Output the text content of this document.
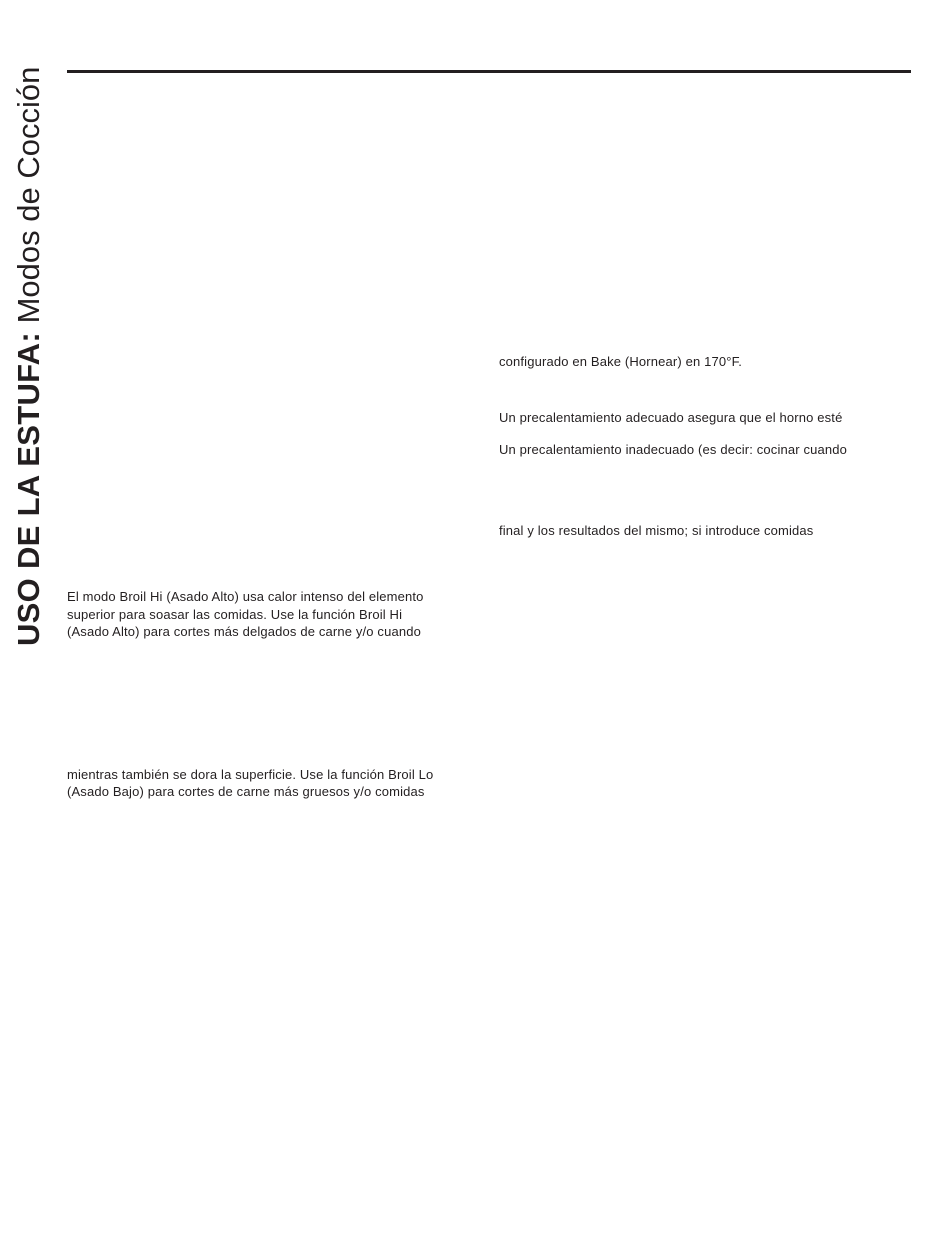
USO DE LA ESTUFA: Modos de Cocción
configurado en Bake (Hornear) en 170°F.
Un precalentamiento adecuado asegura que el horno esté
Un precalentamiento inadecuado (es decir: cocinar cuando
final y los resultados del mismo; si introduce comidas
El modo Broil Hi (Asado Alto) usa calor intenso del elemento
superior para soasar las comidas. Use la función Broil Hi
(Asado Alto) para cortes más delgados de carne y/o cuando
mientras también se dora la superficie. Use la función Broil Lo
(Asado Bajo) para cortes de carne más gruesos y/o comidas
